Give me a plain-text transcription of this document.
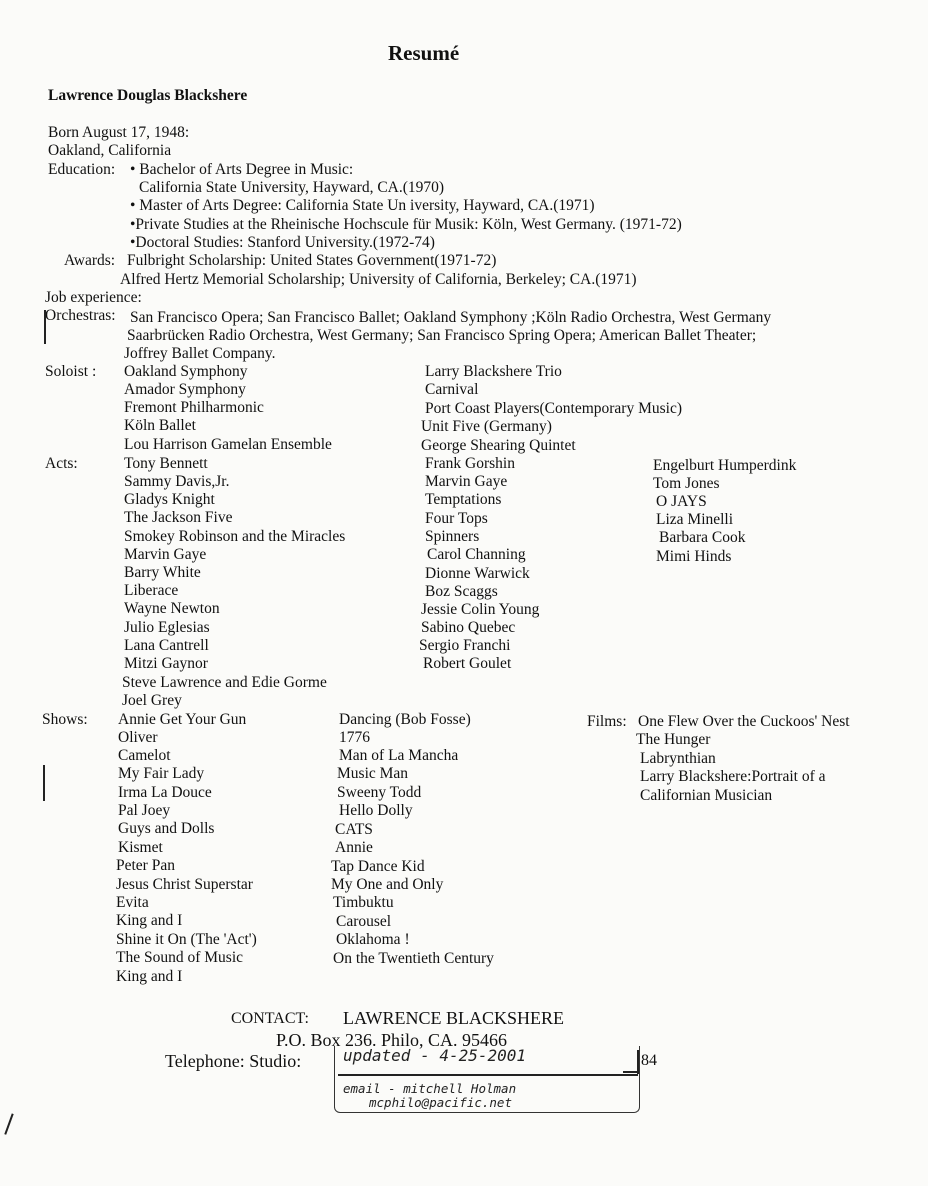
Resumé
Lawrence Douglas Blackshere
Born August 17, 1948:
Oakland, California
Education: • Bachelor of Arts Degree in Music:
California State University, Hayward, CA.(1970)
• Master of Arts Degree: California State Un iversity, Hayward, CA.(1971)
•Private Studies at the Rheinische Hochscule für Musik: Köln, West Germany. (1971-72)
•Doctoral Studies: Stanford University.(1972-74)
Awards: Fulbright Scholarship: United States Government(1971-72)
Alfred Hertz Memorial Scholarship; University of California, Berkeley; CA.(1971)
Job experience:
Orchestras: San Francisco Opera; San Francisco Ballet; Oakland Symphony ;Köln Radio Orchestra, West Germany
Saarbrücken Radio Orchestra, West Germany; San Francisco Spring Opera; American Ballet Theater;
Joffrey Ballet Company.
Soloist : Oakland Symphony
Amador Symphony
Fremont Philharmonic
Köln Ballet
Lou Harrison Gamelan Ensemble
Larry Blackshere Trio
Carnival
Port Coast Players(Contemporary Music)
Unit Five (Germany)
George Shearing Quintet
Acts:	Tony Bennett
Sammy Davis,Jr.
Gladys Knight
The Jackson Five
Smokey Robinson and the Miracles
Marvin Gaye
Barry White
Liberace
Wayne Newton
Julio Eglesias
Lana Cantrell
Mitzi Gaynor
Steve Lawrence and Edie Gorme
Joel Grey
Frank Gorshin
Marvin Gaye
Temptations
Four Tops
Spinners
Carol Channing
Dionne Warwick
Boz Scaggs
Jessie Colin Young
Sabino Quebec
Sergio Franchi
Robert Goulet
Engelburt Humperdink
Tom Jones
O JAYS
Liza Minelli
Barbara Cook
Mimi Hinds
Shows: Annie Get Your Gun
Oliver
Camelot
My Fair Lady
Irma La Douce
Pal Joey
Guys and Dolls
Kismet
Peter Pan
Jesus Christ Superstar
Evita
King and I
Shine it On (The 'Act')
The Sound of Music
King and I
Dancing (Bob Fosse)
1776
Man of La Mancha
Music Man
Sweeny Todd
Hello Dolly
CATS
Annie
Tap Dance Kid
My One and Only
Timbuktu
Carousel
Oklahoma !
On the Twentieth Century
Films: One Flew Over the Cuckoos' Nest
The Hunger
Labrynthian
Larry Blackshere:Portrait of a
Californian Musician
CONTACT: LAWRENCE BLACKSHERE
P.O. Box 236. Philo, CA. 95466
Telephone: Studio:	84
updated - 4-25-2001
email - mitchell Holman
mcphilo@pacific.net
